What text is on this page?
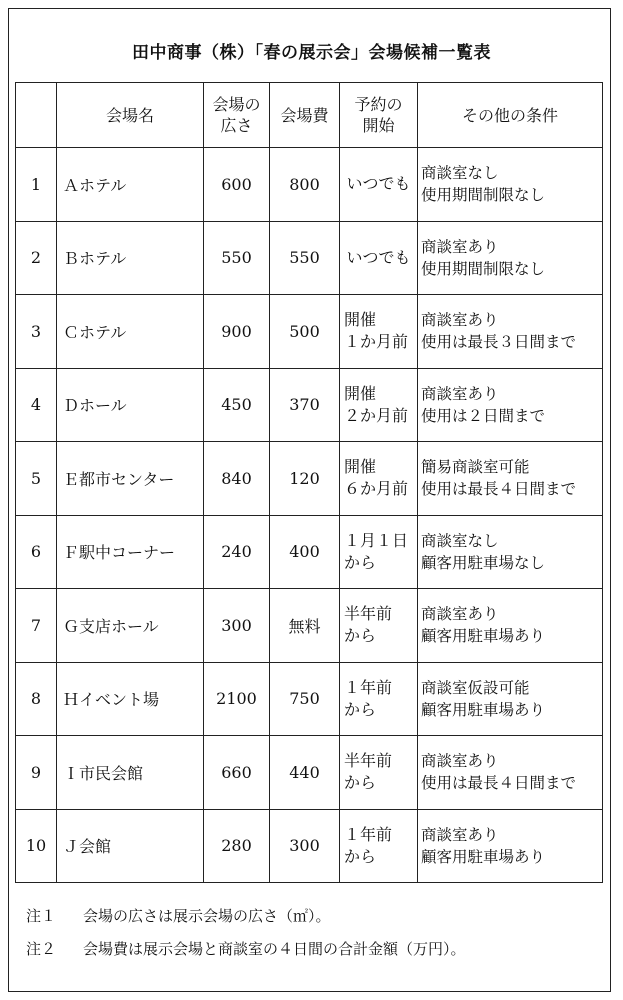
田中商事（株）「春の展示会」会場候補一覧表
	会場名	会場の
広さ	会場費	予約の
開始	その他の条件
1	Ａホテル	600	800	いつでも	商談室なし
使用期間制限なし

2	Ｂホテル	550	550	いつでも	商談室あり
使用期間制限なし

3	Ｃホテル	900	500	開催
１か月前	商談室あり
使用は最長３日間まで

4	Ｄホール	450	370	開催
２か月前	商談室あり
使用は２日間まで

5	Ｅ都市センター	840	120	開催
６か月前	簡易商談室可能
使用は最長４日間まで

6	Ｆ駅中コーナー	240	400	１月１日
から	商談室なし
顧客用駐車場なし

7	Ｇ支店ホール	300	無料	半年前
から	商談室あり
顧客用駐車場あり

8	Ｈイベント場	2100	750	１年前
から	商談室仮設可能
顧客用駐車場あり

9	Ｉ市民会館	660	440	半年前
から	商談室あり
使用は最長４日間まで

10	Ｊ会館	280	300	１年前
から	商談室あり
顧客用駐車場あり
注１ 会場の広さは展示会場の広さ（㎡）。
注２ 会場費は展示会場と商談室の４日間の合計金額（万円）。
